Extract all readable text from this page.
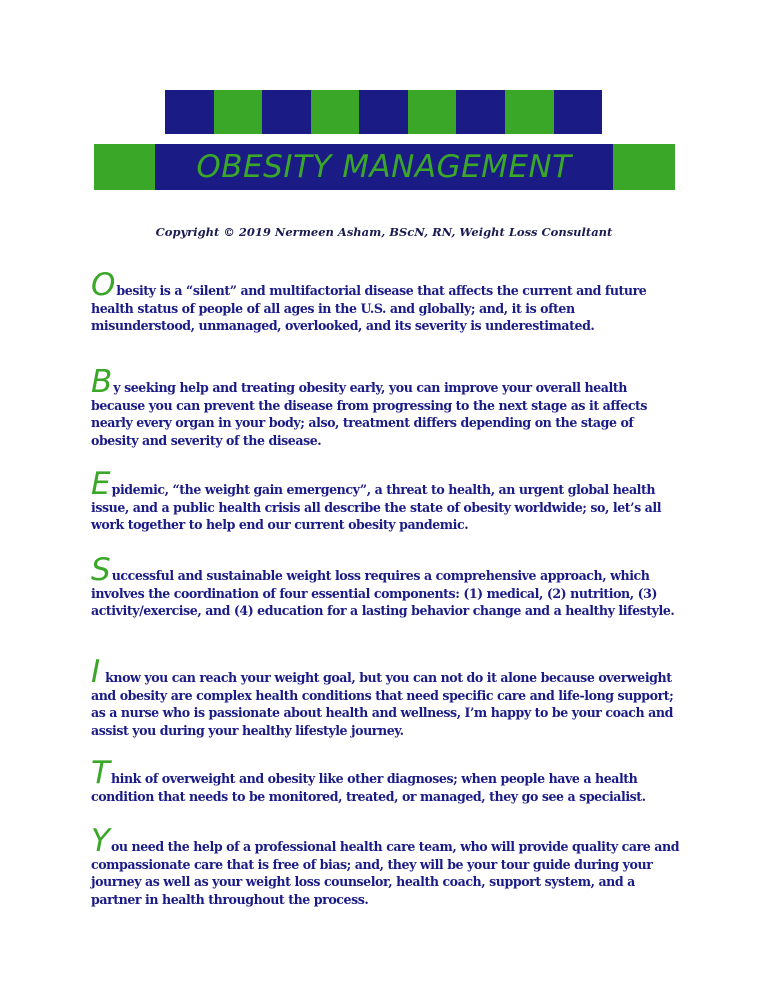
OBESITY MANAGEMENT
Copyright © 2019 Nermeen Asham, BScN, RN, Weight Loss Consultant

Obesity is a “silent” and multifactorial disease that affects the current and future health status of people of all ages in the U.S. and globally; and, it is often misunderstood, unmanaged, overlooked, and its severity is underestimated.

By seeking help and treating obesity early, you can improve your overall health because you can prevent the disease from progressing to the next stage as it affects nearly every organ in your body; also, treatment differs depending on the stage of obesity and severity of the disease.

Epidemic, “the weight gain emergency”, a threat to health, an urgent global health issue, and a public health crisis all describe the state of obesity worldwide; so, let’s all work together to help end our current obesity pandemic.

Successful and sustainable weight loss requires a comprehensive approach, which involves the coordination of four essential components: (1) medical, (2) nutrition, (3) activity/exercise, and (4) education for a lasting behavior change and a healthy lifestyle.

I know you can reach your weight goal, but you can not do it alone because overweight and obesity are complex health conditions that need specific care and life-long support; as a nurse who is passionate about health and wellness, I’m happy to be your coach and assist you during your healthy lifestyle journey.

Think of overweight and obesity like other diagnoses; when people have a health condition that needs to be monitored, treated, or managed, they go see a specialist.

You need the help of a professional health care team, who will provide quality care and compassionate care that is free of bias; and, they will be your tour guide during your journey as well as your weight loss counselor, health coach, support system, and a partner in health throughout the process.
